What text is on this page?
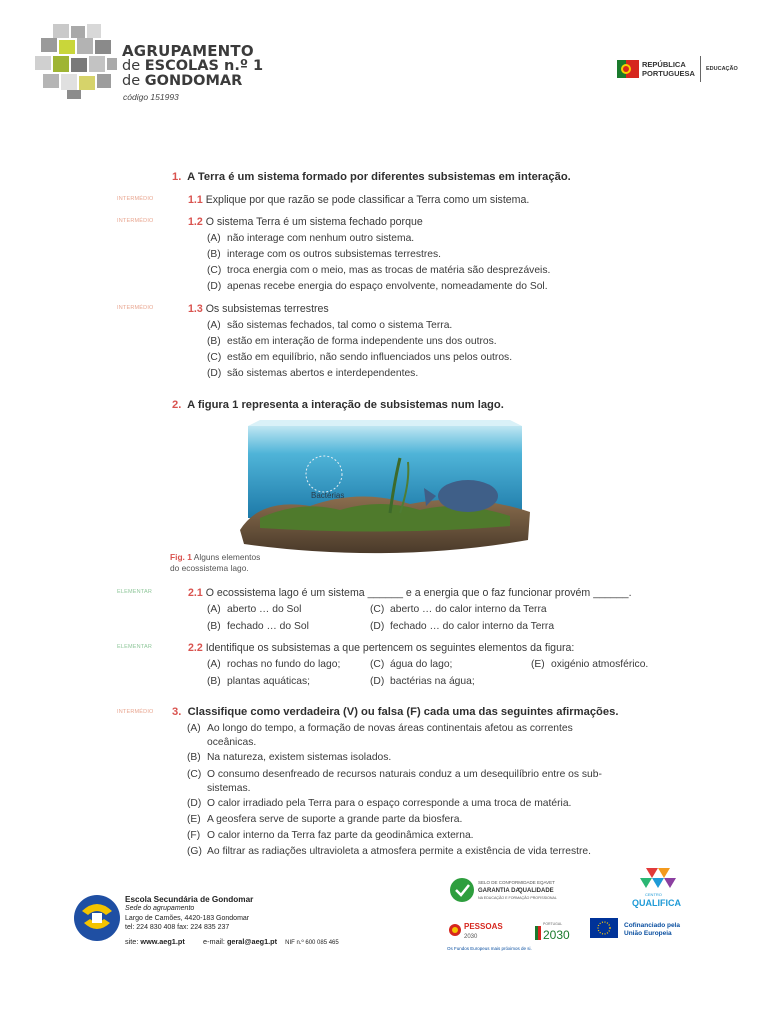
AGRUPAMENTO
de ESCOLAS n.º 1
de GONDOMAR
código 151993
REPÚBLICA
PORTUGUESA EDUCAÇÃO
1. A Terra é um sistema formado por diferentes subsistemas em interação.
INTERMÉDIO	1.1 Explique por que razão se pode classificar a Terra como um sistema.
INTERMÉDIO	1.2 O sistema Terra é um sistema fechado porque
(A) não interage com nenhum outro sistema.
(B) interage com os outros subsistemas terrestres.
(C) troca energia com o meio, mas as trocas de matéria são desprezáveis.
(D) apenas recebe energia do espaço envolvente, nomeadamente do Sol.
INTERMÉDIO	1.3 Os subsistemas terrestres
(A) são sistemas fechados, tal como o sistema Terra.
(B) estão em interação de forma independente uns dos outros.
(C) estão em equilíbrio, não sendo influenciados uns pelos outros.
(D) são sistemas abertos e interdependentes.
2. A figura 1 representa a interação de subsistemas num lago.
Bactérias
Fig. 1 Alguns elementos
do ecossistema lago.
ELEMENTAR	2.1 O ecossistema lago é um sistema ______ e a energia que o faz funcionar provém ______.
(A) aberto … do Sol	(C) aberto … do calor interno da Terra
(B) fechado … do Sol	(D) fechado … do calor interno da Terra
ELEMENTAR	2.2 Identifique os subsistemas a que pertencem os seguintes elementos da figura:
(A) rochas no fundo do lago;	(C) água do lago;	(E) oxigénio atmosférico.
(B) plantas aquáticas;	(D) bactérias na água;
INTERMÉDIO 3. Classifique como verdadeira (V) ou falsa (F) cada uma das seguintes afirmações.
(A) Ao longo do tempo, a formação de novas áreas continentais afetou as correntes
oceânicas.
(B) Na natureza, existem sistemas isolados.
(C) O consumo desenfreado de recursos naturais conduz a um desequilíbrio entre os sub-
sistemas.
(D) O calor irradiado pela Terra para o espaço corresponde a uma troca de matéria.
(E) A geosfera serve de suporte a grande parte da biosfera.
(F) O calor interno da Terra faz parte da geodinâmica externa.
(G) Ao filtrar as radiações ultravioleta a atmosfera permite a existência de vida terrestre.
Escola Secundária de Gondomar
Sede do agrupamento
Largo de Camões, 4420-183 Gondomar
tel: 224 830 408 fax: 224 835 237
site: www.aeg1.pt	e-mail: geral@aeg1.pt NIF n.º 600 085 465
SELO DE CONFORMIDADE EQAVET
GARANTIA DA
QUALIDADE
NA EDUCAÇÃO E FORMAÇÃO PROFISSIONAL
CENTRO
QUALIFICA
PESSOAS
2030
PORTUGAL
2030
Cofinanciado pela
União Europeia
Os Fundos Europeus mais próximos de si.
